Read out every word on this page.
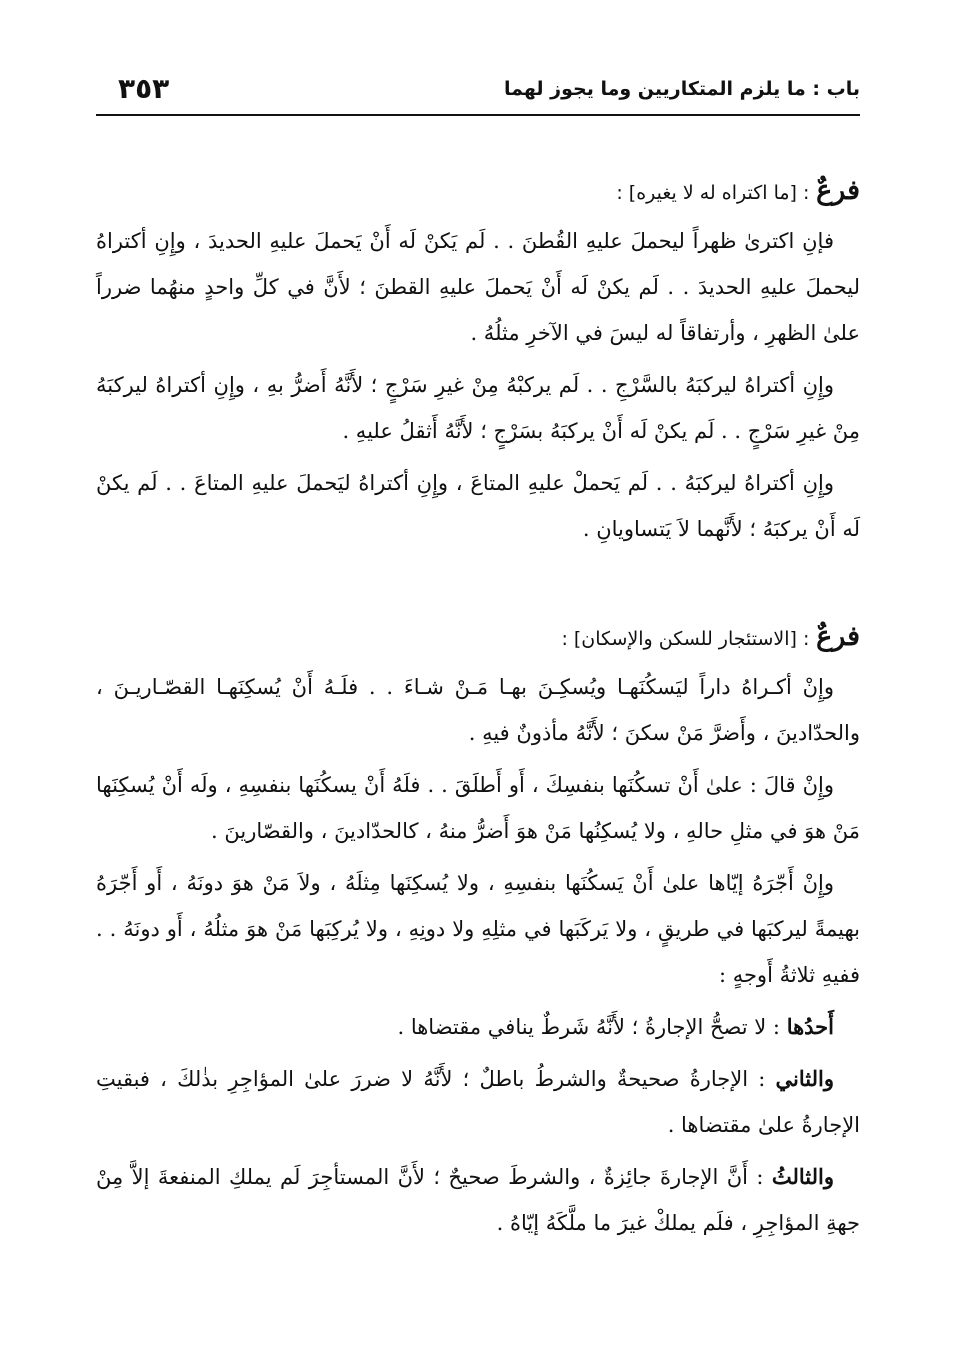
٣٥٣	باب : ما يلزم المتكاريين وما يجوز لهما
فرعٌ : [ما اكتراه له لا يغيره] :

فإنِ اكترىٰ ظهراً ليحملَ عليهِ القُطنَ . . لَم يَكنْ لَه أَنْ يَحملَ عليهِ الحديدَ ، وإِنِ أكتراهُ ليحملَ عليهِ الحديدَ . . لَم يكنْ لَه أَنْ يَحملَ عليهِ القطنَ ؛ لأَنَّ في كلِّ واحدٍ منهُما ضرراً علىٰ الظهرِ ، وأرتفاقاً له ليسَ في الآخرِ مثلُهُ .

وإِنِ أكتراهُ ليركبَهُ بالسَّرْجِ . . لَم يركبْهُ مِنْ غيرِ سَرْجٍ ؛ لأَنَّهُ أَضرُّ بهِ ، وإِنِ أكتراهُ ليركبَهُ مِنْ غيرِ سَرْجٍ . . لَم يكنْ لَه أَنْ يركبَهُ بسَرْجٍ ؛ لأَنَّهُ أَثقلُ عليهِ .

وإِنِ أكتراهُ ليركبَهُ . . لَم يَحملْ عليهِ المتاعَ ، وإِنِ أكتراهُ ليَحملَ عليهِ المتاعَ . . لَم يكنْ لَه أَنْ يركبَهُ ؛ لأَنَّهما لاَ يَتساويانِ .

فرعٌ : [الاستئجار للسكن والإسكان] :

وإِنْ أكـراهُ داراً ليَسكُنَهـا ويُسكِـنَ بهـا مَـنْ شـاءَ . . فلَـهُ أَنْ يُسكِنَهـا القصّـاريـنَ ، والحدّادينَ ، وأَضرَّ مَنْ سكنَ ؛ لأَنَّهُ مأذونٌ فيهِ .

وإِنْ قالَ : علىٰ أَنْ تسكُنَها بنفسِكَ ، أَو أَطلَقَ . . فلَهُ أَنْ يسكُنَها بنفسِهِ ، ولَه أَنْ يُسكِنَها مَنْ هوَ في مثلِ حالهِ ، ولا يُسكِنُها مَنْ هوَ أَضرُّ منهُ ، كالحدّادينَ ، والقصّارينَ .

وإِنْ أَجّرَهُ إيّاها علىٰ أَنْ يَسكُنَها بنفسِهِ ، ولا يُسكِنَها مِثلَهُ ، ولاَ مَنْ هوَ دونَهُ ، أَو أَجّرَهُ بهيمةً ليركبَها في طريقٍ ، ولا يَركَبَها في مثلِهِ ولا دونِهِ ، ولا يُركِبَها مَنْ هوَ مثلُهُ ، أَو دونَهُ . . ففيهِ ثلاثةُ أَوجهٍ :

أَحدُها : لا تصحُّ الإجارةُ ؛ لأَنَّهُ شَرطٌ ينافي مقتضاها .

والثاني : الإجارةُ صحيحةٌ والشرطُ باطلٌ ؛ لأَنَّهُ لا ضررَ علىٰ المؤاجِرِ بذٰلكَ ، فبقيتِ الإجارةُ علىٰ مقتضاها .

والثالثُ : أَنَّ الإجارةَ جائِزةٌ ، والشرطَ صحيحٌ ؛ لأَنَّ المستأجِرَ لَم يملكِ المنفعةَ إلاَّ مِنْ جهةِ المؤاجِرِ ، فلَم يملكْ غيرَ ما ملَّكَهُ إيّاهُ .
